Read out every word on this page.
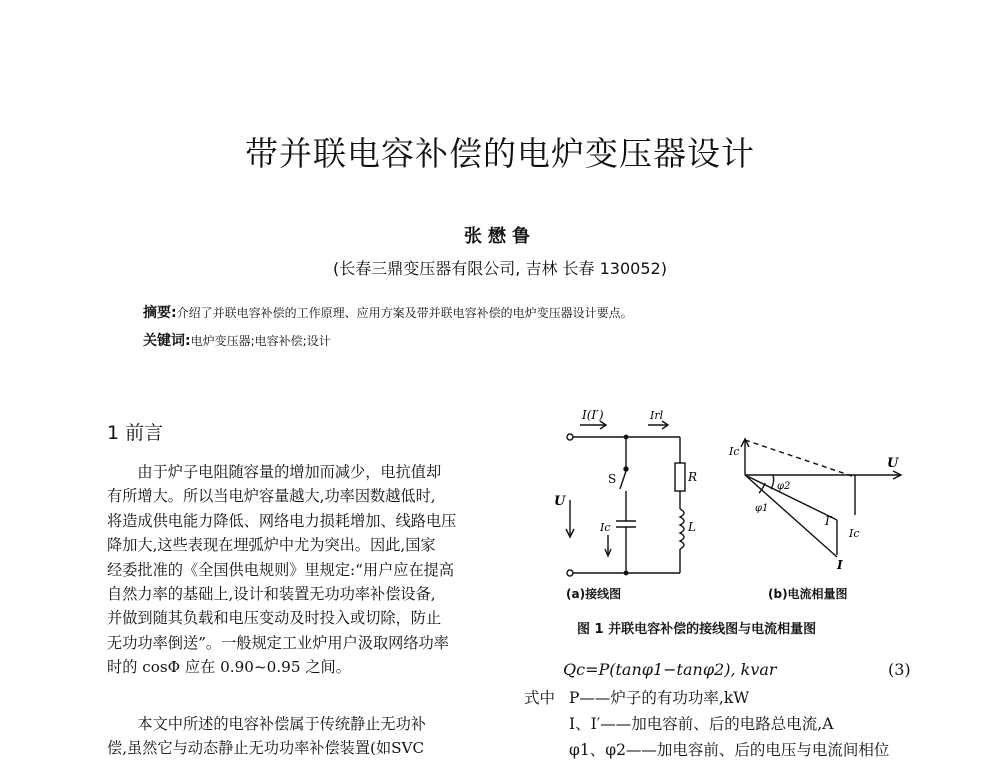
带并联电容补偿的电炉变压器设计
张懋鲁
(长春三鼎变压器有限公司, 吉林 长春 130052)
摘要:介绍了并联电容补偿的工作原理、应用方案及带并联电容补偿的电炉变压器设计要点。
关键词:电炉变压器;电容补偿;设计
1 前言

由于炉子电阻随容量的增加而减少，电抗值却

有所增大。所以当电炉容量越大,功率因数越低时,

将造成供电能力降低、网络电力损耗增加、线路电压

降加大,这些表现在埋弧炉中尤为突出。因此,国家

经委批准的《全国供电规则》里规定:“用户应在提高

自然力率的基础上,设计和装置无功功率补偿设备,

并做到随其负载和电压变动及时投入或切除，防止

无功功率倒送”。一般规定工业炉用户汲取网络功率

时的 cosΦ 应在 0.90~0.95 之间。

本文中所述的电容补偿属于传统静止无功补

偿,虽然它与动态静止无功功率补偿装置(如SVC

I(I′)	Irl
S	R
L
U
Ic
Ic
U
φ2
φ1
I′
Ic
I
(a)接线图	(b)电流相量图
图 1 并联电容补偿的接线图与电流相量图
Qc=P(tanφ1−tanφ2), kvar	(3)
式中 P——炉子的有功功率,kW
I、I′——加电容前、后的电路总电流,A
φ1、φ2——加电容前、后的电压与电流间相位
